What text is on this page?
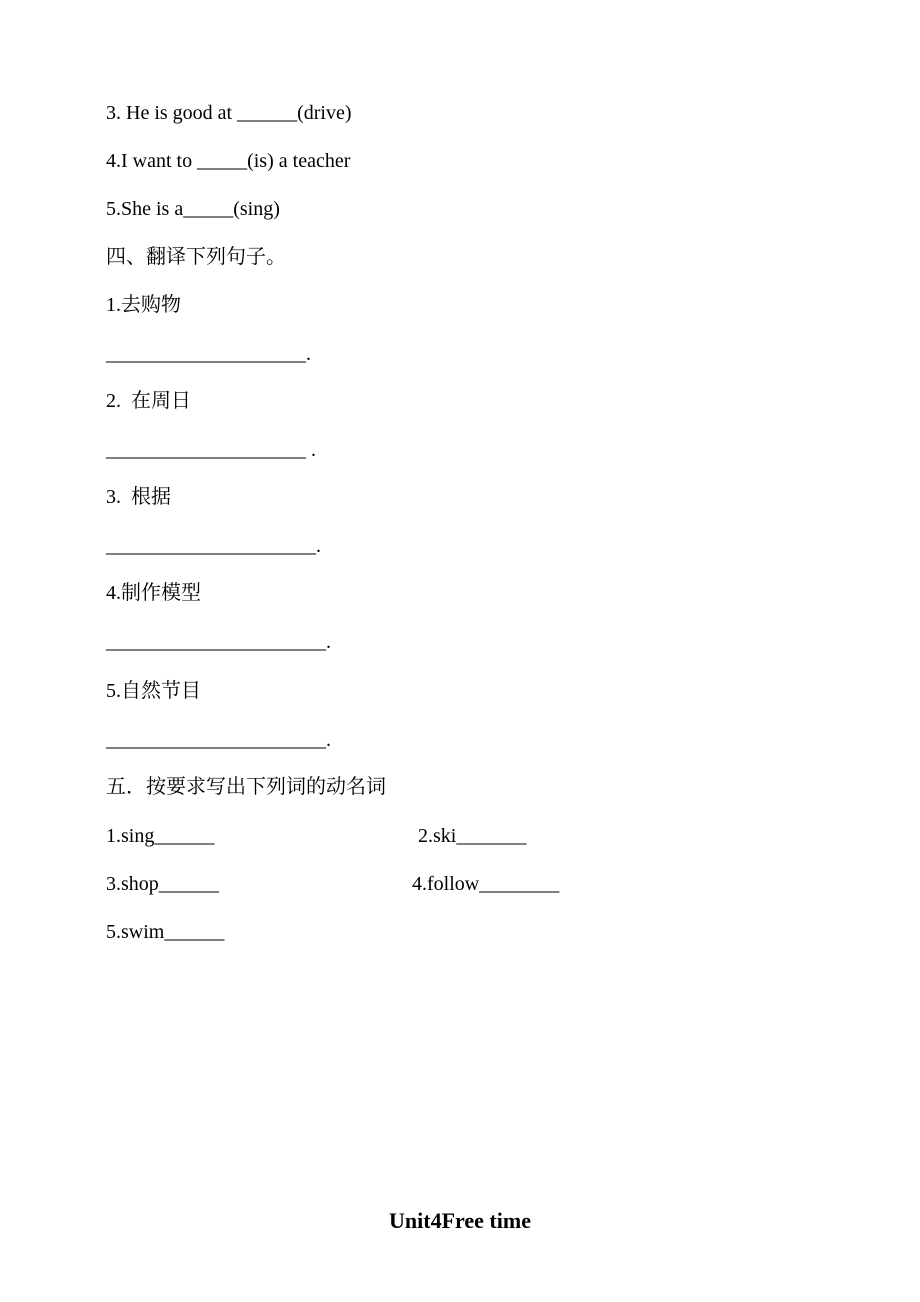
3. He is good at ______(drive)
4.I want to _____(is) a teacher
5.She is a_____(sing)
四、翻译下列句子。
1.去购物
____________________.
2.  在周日
____________________ .
3.  根据
_____________________.
4.制作模型
______________________.
5.自然节目
______________________.
五．按要求写出下列词的动名词
1.sing______	2.ski_______
3.shop______	4.follow________
5.swim______
Unit4Free time
